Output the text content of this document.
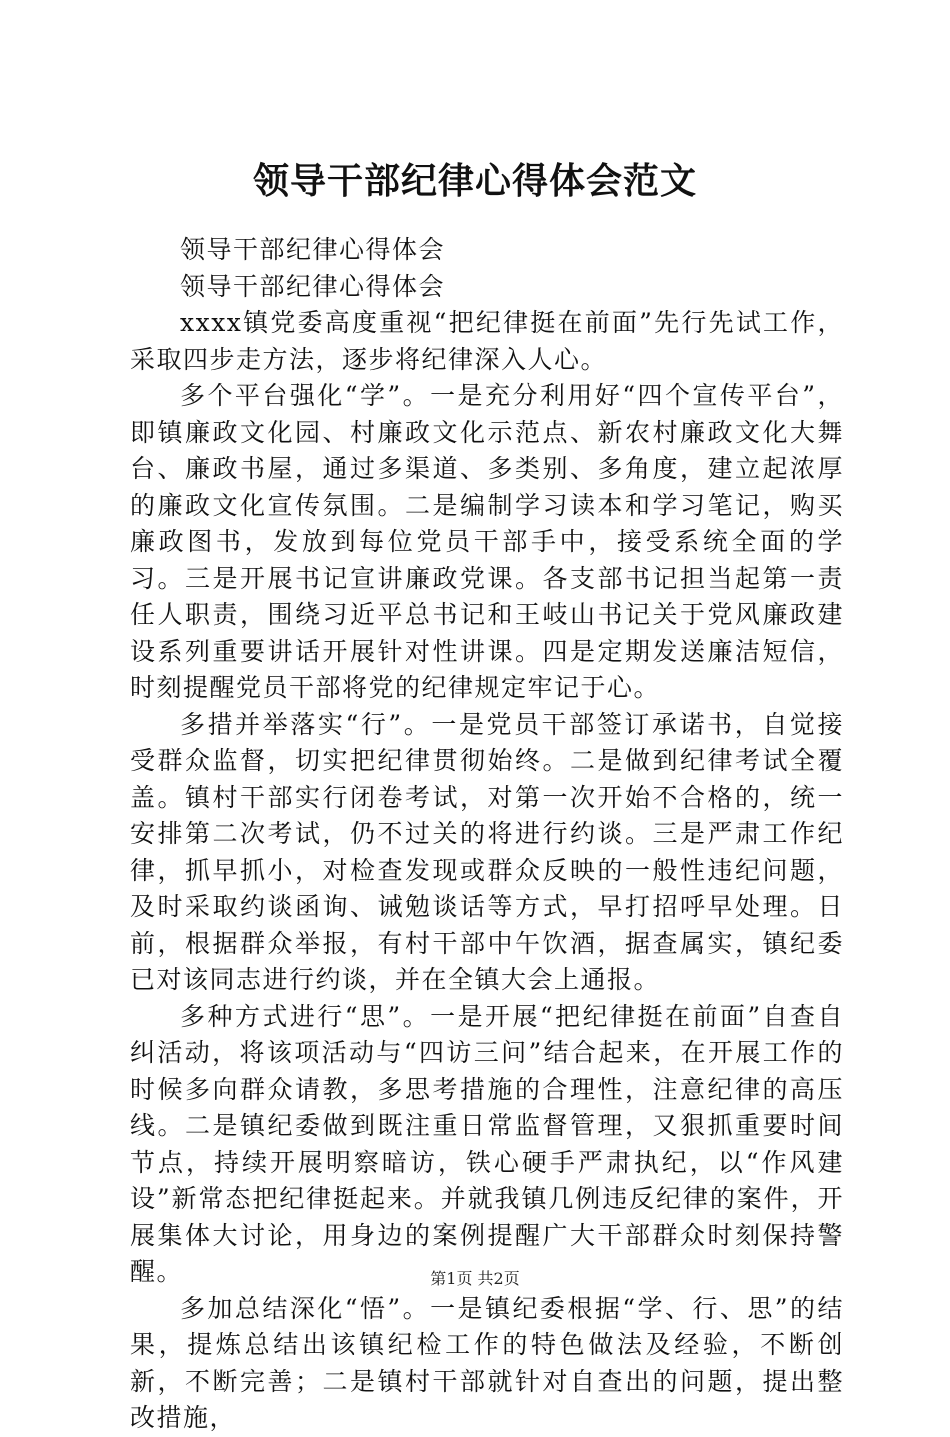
领导干部纪律心得体会范文

领导干部纪律心得体会

领导干部纪律心得体会

xxxx镇党委高度重视“把纪律挺在前面”先行先试工作，采取四步走方法，逐步将纪律深入人心。

多个平台强化“学”。一是充分利用好“四个宣传平台”，即镇廉政文化园、村廉政文化示范点、新农村廉政文化大舞台、廉政书屋，通过多渠道、多类别、多角度，建立起浓厚的廉政文化宣传氛围。二是编制学习读本和学习笔记，购买廉政图书，发放到每位党员干部手中，接受系统全面的学习。三是开展书记宣讲廉政党课。各支部书记担当起第一责任人职责，围绕习近平总书记和王岐山书记关于党风廉政建设系列重要讲话开展针对性讲课。四是定期发送廉洁短信，时刻提醒党员干部将党的纪律规定牢记于心。

多措并举落实“行”。一是党员干部签订承诺书，自觉接受群众监督，切实把纪律贯彻始终。二是做到纪律考试全覆盖。镇村干部实行闭卷考试，对第一次开始不合格的，统一安排第二次考试，仍不过关的将进行约谈。三是严肃工作纪律，抓早抓小，对检查发现或群众反映的一般性违纪问题，及时采取约谈函询、诫勉谈话等方式，早打招呼早处理。日前，根据群众举报，有村干部中午饮酒，据查属实，镇纪委已对该同志进行约谈，并在全镇大会上通报。

多种方式进行“思”。一是开展“把纪律挺在前面”自查自纠活动，将该项活动与“四访三问”结合起来，在开展工作的时候多向群众请教，多思考措施的合理性，注意纪律的高压线。二是镇纪委做到既注重日常监督管理，又狠抓重要时间节点，持续开展明察暗访，铁心硬手严肃执纪，以“作风建设”新常态把纪律挺起来。并就我镇几例违反纪律的案件，开展集体大讨论，用身边的案例提醒广大干部群众时刻保持警醒。

多加总结深化“悟”。一是镇纪委根据“学、行、思”的结果，提炼总结出该镇纪检工作的特色做法及经验，不断创新，不断完善；二是镇村干部就针对自查出的问题，提出整改措施，

第1页 共2页
